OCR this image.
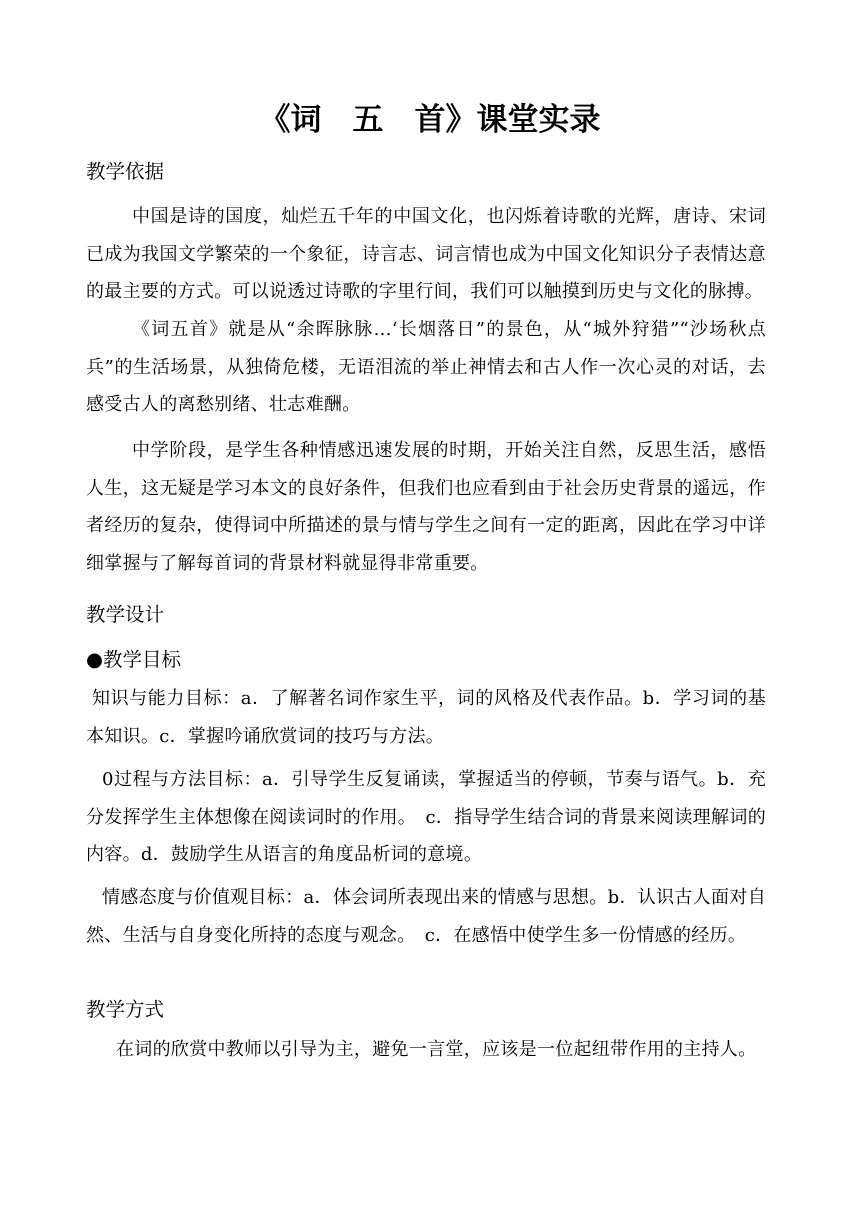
《词　五　首》课堂实录
教学依据
中国是诗的国度，灿烂五千年的中国文化，也闪烁着诗歌的光辉，唐诗、宋词已成为我国文学繁荣的一个象征，诗言志、词言情也成为中国文化知识分子表情达意的最主要的方式。可以说透过诗歌的字里行间，我们可以触摸到历史与文化的脉搏。
《词五首》就是从“余晖脉脉…‘长烟落日”的景色，从“城外狩猎”“沙场秋点兵”的生活场景，从独倚危楼，无语泪流的举止神情去和古人作一次心灵的对话，去感受古人的离愁别绪、壮志难酬。
中学阶段，是学生各种情感迅速发展的时期，开始关注自然，反思生活，感悟人生，这无疑是学习本文的良好条件，但我们也应看到由于社会历史背景的遥远，作者经历的复杂，使得词中所描述的景与情与学生之间有一定的距离，因此在学习中详细掌握与了解每首词的背景材料就显得非常重要。
教学设计
●教学目标
知识与能力目标：a．了解著名词作家生平，词的风格及代表作品。b．学习词的基本知识。c．掌握吟诵欣赏词的技巧与方法。
0过程与方法目标：a．引导学生反复诵读，掌握适当的停顿，节奏与语气。b．充分发挥学生主体想像在阅读词时的作用。　c．指导学生结合词的背景来阅读理解词的内容。d．鼓励学生从语言的角度品析词的意境。
情感态度与价值观目标：a．体会词所表现出来的情感与思想。b．认识古人面对自然、生活与自身变化所持的态度与观念。　c．在感悟中使学生多一份情感的经历。
教学方式
在词的欣赏中教师以引导为主，避免一言堂，应该是一位起纽带作用的主持人。
